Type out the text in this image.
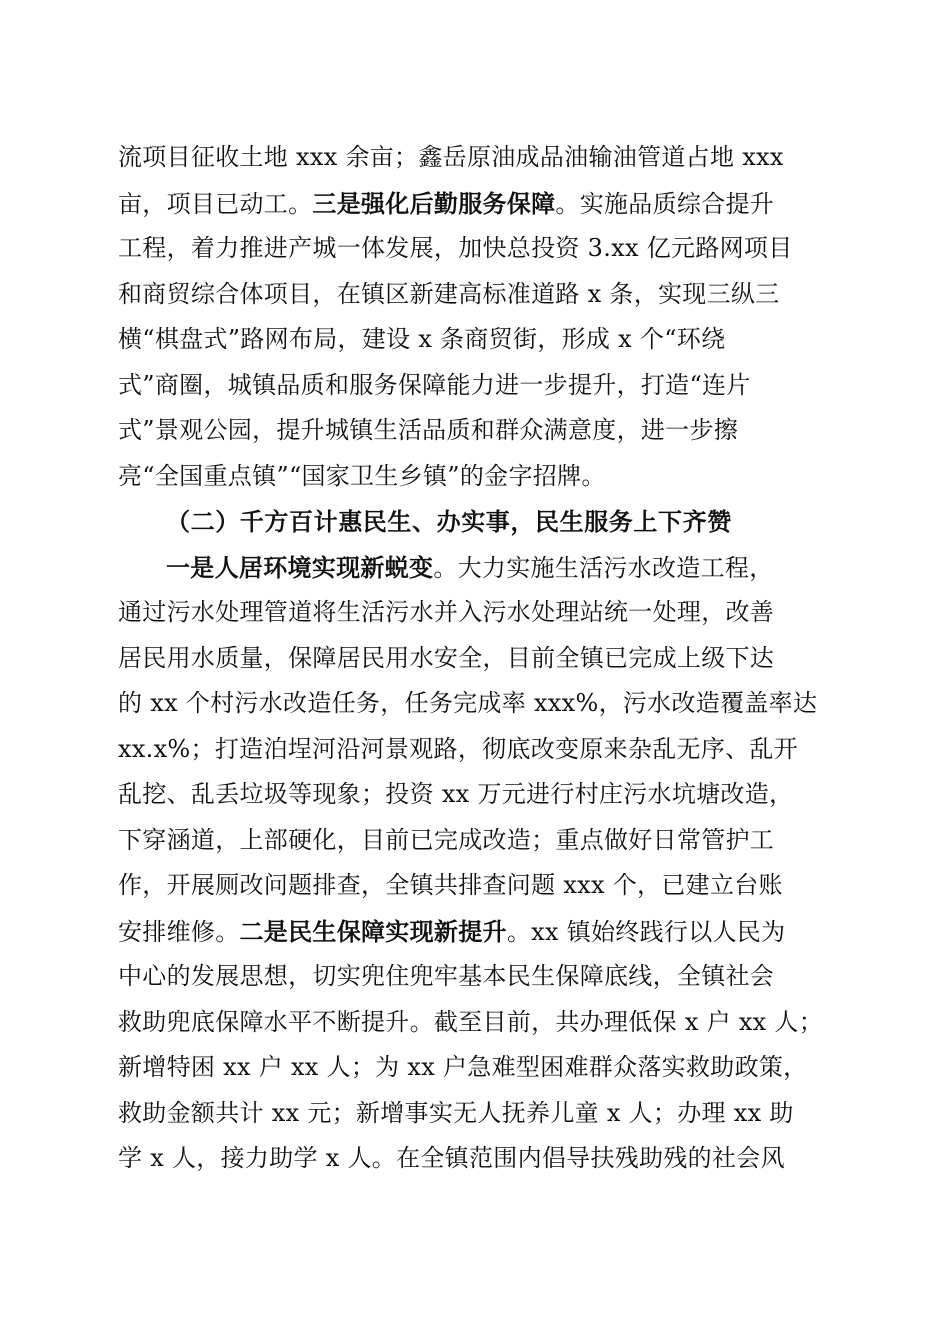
流项目征收土地 xxx 余亩；鑫岳原油成品油输油管道占地 xxx
亩，项目已动工。三是强化后勤服务保障。实施品质综合提升
工程，着力推进产城一体发展，加快总投资 3.xx 亿元路网项目
和商贸综合体项目，在镇区新建高标准道路 x 条，实现三纵三
横“棋盘式”路网布局，建设 x 条商贸街，形成 x 个“环绕
式”商圈，城镇品质和服务保障能力进一步提升，打造“连片
式”景观公园，提升城镇生活品质和群众满意度，进一步擦
亮“全国重点镇”“国家卫生乡镇”的金字招牌。
（二）千方百计惠民生、办实事，民生服务上下齐赞
一是人居环境实现新蜕变。大力实施生活污水改造工程，
通过污水处理管道将生活污水并入污水处理站统一处理，改善
居民用水质量，保障居民用水安全，目前全镇已完成上级下达
的 xx 个村污水改造任务，任务完成率 xxx%，污水改造覆盖率达
xx.x%；打造泊埕河沿河景观路，彻底改变原来杂乱无序、乱开
乱挖、乱丢垃圾等现象；投资 xx 万元进行村庄污水坑塘改造，
下穿涵道，上部硬化，目前已完成改造；重点做好日常管护工
作，开展厕改问题排查，全镇共排查问题 xxx 个，已建立台账
安排维修。二是民生保障实现新提升。xx 镇始终践行以人民为
中心的发展思想，切实兜住兜牢基本民生保障底线，全镇社会
救助兜底保障水平不断提升。截至目前，共办理低保 x 户 xx 人；
新增特困 xx 户 xx 人；为 xx 户急难型困难群众落实救助政策，
救助金额共计 xx 元；新增事实无人抚养儿童 x 人；办理 xx 助
学 x 人，接力助学 x 人。在全镇范围内倡导扶残助残的社会风
